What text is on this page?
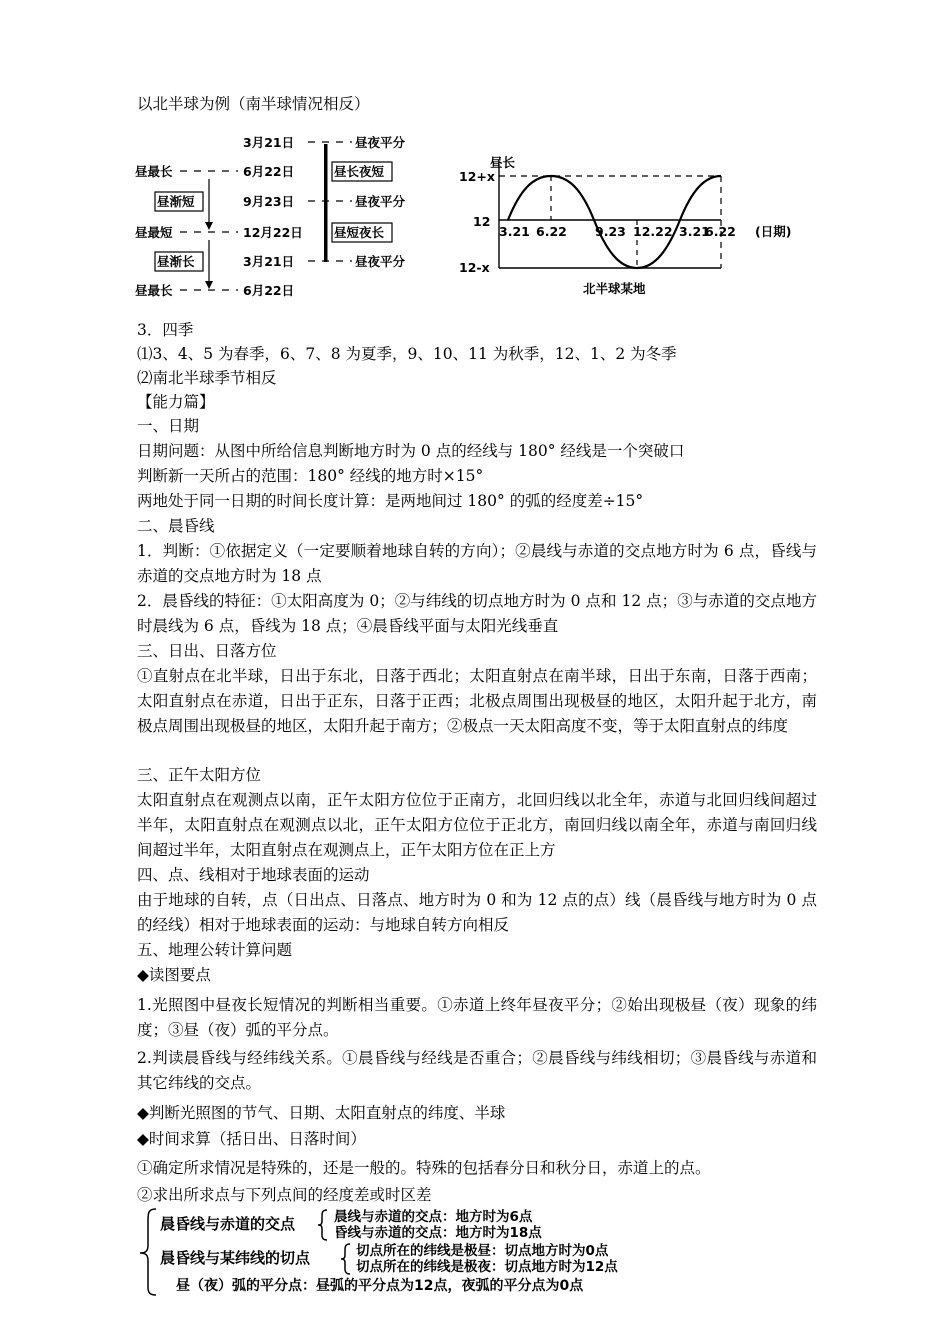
以北半球为例（南半球情况相反）
3月21日
6月22日
9月23日
12月22日
3月21日
6月22日
昼最长
昼渐短
昼最短
昼渐长
昼最长
昼夜平分
昼长夜短
昼夜平分
昼短夜长
昼夜平分
昼长
12+x
12
12-x
3.21 6.22 9.23 12.22 3.21
6.22 (日期)
北半球某地
3．四季
⑴3、4、5 为春季，6、7、8 为夏季，9、10、11 为秋季，12、1、2 为冬季
⑵南北半球季节相反
【能力篇】
一、日期
日期问题：从图中所给信息判断地方时为 0 点的经线与 180° 经线是一个突破口
判断新一天所占的范围：180° 经线的地方时×15°
两地处于同一日期的时间长度计算：是两地间过 180° 的弧的经度差÷15°
二、晨昏线
1．判断：①依据定义（一定要顺着地球自转的方向）；②晨线与赤道的交点地方时为 6 点，昏线与赤道的交点地方时为 18 点
2．晨昏线的特征：①太阳高度为 0；②与纬线的切点地方时为 0 点和 12 点；③与赤道的交点地方时晨线为 6 点，昏线为 18 点；④晨昏线平面与太阳光线垂直
三、日出、日落方位
①直射点在北半球，日出于东北，日落于西北；太阳直射点在南半球，日出于东南，日落于西南；太阳直射点在赤道，日出于正东，日落于正西；北极点周围出现极昼的地区，太阳升起于北方，南极点周围出现极昼的地区，太阳升起于南方；②极点一天太阳高度不变，等于太阳直射点的纬度
三、正午太阳方位
太阳直射点在观测点以南，正午太阳方位位于正南方，北回归线以北全年，赤道与北回归线间超过半年，太阳直射点在观测点以北，正午太阳方位位于正北方，南回归线以南全年，赤道与南回归线间超过半年，太阳直射点在观测点上，正午太阳方位在正上方
四、点、线相对于地球表面的运动
由于地球的自转，点（日出点、日落点、地方时为 0 和为 12 点的点）线（晨昏线与地方时为 0 点的经线）相对于地球表面的运动：与地球自转方向相反
五、地理公转计算问题
◆读图要点
1.光照图中昼夜长短情况的判断相当重要。①赤道上终年昼夜平分；②始出现极昼（夜）现象的纬度；③昼（夜）弧的平分点。
2.判读晨昏线与经纬线关系。①晨昏线与经线是否重合；②晨昏线与纬线相切；③晨昏线与赤道和其它纬线的交点。
◆判断光照图的节气、日期、太阳直射点的纬度、半球
◆时间求算（括日出、日落时间）
①确定所求情况是特殊的，还是一般的。特殊的包括春分日和秋分日，赤道上的点。
②求出所求点与下列点间的经度差或时区差
晨昏线与赤道的交点	晨线与赤道的交点：地方时为6点
昏线与赤道的交点：地方时为18点
晨昏线与某纬线的切点	切点所在的纬线是极昼：切点地方时为0点
切点所在的纬线是极夜：切点地方时为12点
昼（夜）弧的平分点：昼弧的平分点为12点，夜弧的平分点为0点
